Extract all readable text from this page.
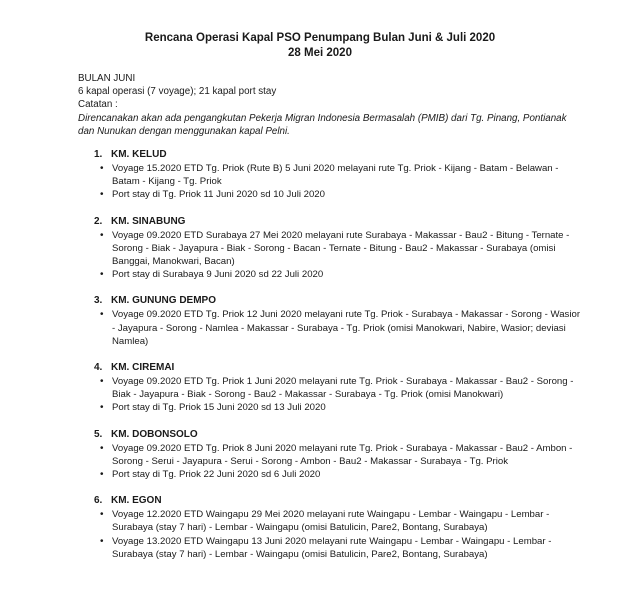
Rencana Operasi Kapal PSO Penumpang Bulan Juni & Juli 2020
28 Mei 2020
BULAN JUNI
6 kapal operasi (7 voyage); 21 kapal port stay
Catatan :
Direncanakan akan ada pengangkutan Pekerja Migran Indonesia Bermasalah (PMIB) dari Tg. Pinang, Pontianak dan Nunukan dengan menggunakan kapal Pelni.
1. KM. KELUD
• Voyage 15.2020 ETD Tg. Priok (Rute B) 5 Juni 2020 melayani rute Tg. Priok - Kijang - Batam - Belawan - Batam - Kijang - Tg. Priok
• Port stay di Tg. Priok 11 Juni 2020 sd 10 Juli 2020
2. KM. SINABUNG
• Voyage 09.2020 ETD Surabaya 27 Mei 2020 melayani rute Surabaya - Makassar - Bau2 - Bitung - Ternate - Sorong - Biak - Jayapura - Biak - Sorong - Bacan - Ternate - Bitung - Bau2 - Makassar - Surabaya (omisi Banggai, Manokwari, Bacan)
• Port stay di Surabaya 9 Juni 2020 sd 22 Juli 2020
3. KM. GUNUNG DEMPO
• Voyage 09.2020 ETD Tg. Priok 12 Juni 2020 melayani rute Tg. Priok - Surabaya - Makassar - Sorong - Wasior - Jayapura - Sorong - Namlea - Makassar - Surabaya - Tg. Priok (omisi Manokwari, Nabire, Wasior; deviasi Namlea)
4. KM. CIREMAI
• Voyage 09.2020 ETD Tg. Priok 1 Juni 2020 melayani rute Tg. Priok - Surabaya - Makassar - Bau2 - Sorong - Biak - Jayapura - Biak - Sorong - Bau2 - Makassar - Surabaya - Tg. Priok (omisi Manokwari)
• Port stay di Tg. Priok 15 Juni 2020 sd 13 Juli 2020
5. KM. DOBONSOLO
• Voyage 09.2020 ETD Tg. Priok 8 Juni 2020 melayani rute Tg. Priok - Surabaya - Makassar - Bau2 - Ambon - Sorong - Serui - Jayapura - Serui - Sorong - Ambon - Bau2 - Makassar - Surabaya - Tg. Priok
• Port stay di Tg. Priok 22 Juni 2020 sd 6 Juli 2020
6. KM. EGON
• Voyage 12.2020 ETD Waingapu 29 Mei 2020 melayani rute Waingapu - Lembar - Waingapu - Lembar - Surabaya (stay 7 hari) - Lembar - Waingapu (omisi Batulicin, Pare2, Bontang, Surabaya)
• Voyage 13.2020 ETD Waingapu 13 Juni 2020 melayani rute Waingapu - Lembar - Waingapu - Lembar - Surabaya (stay 7 hari) - Lembar - Waingapu (omisi Batulicin, Pare2, Bontang, Surabaya)
